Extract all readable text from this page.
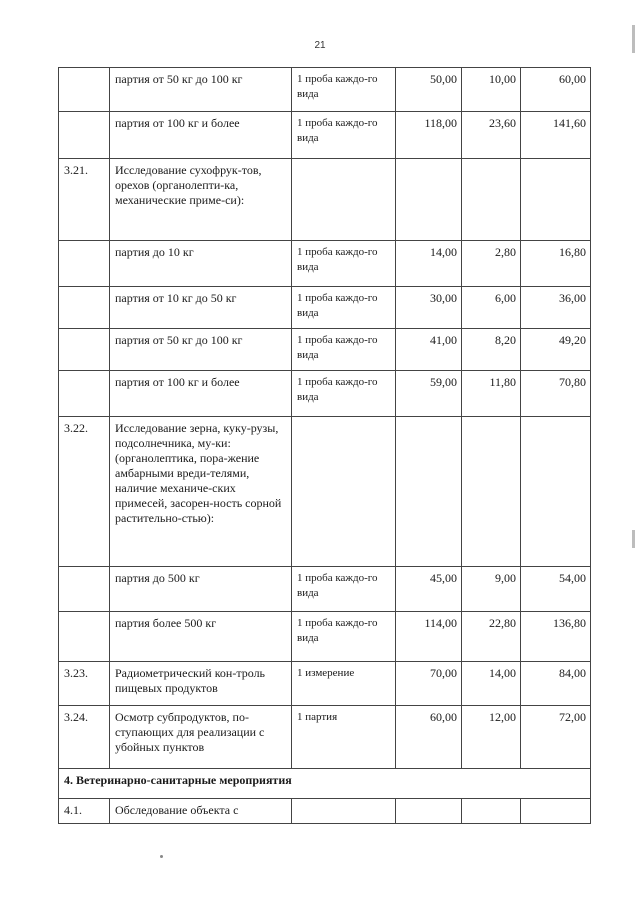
21
	партия от 50 кг до 100 кг	1 проба каждо-го вида	50,00	10,00	60,00
	партия от 100 кг и более	1 проба каждо-го вида	118,00	23,60	141,60
3.21.	Исследование сухофрук-тов, орехов (органолепти-ка, механические приме-си):				
	партия до 10 кг	1 проба каждо-го вида	14,00	2,80	16,80
	партия от 10 кг до 50 кг	1 проба каждо-го вида	30,00	6,00	36,00
	партия от 50 кг до 100 кг	1 проба каждо-го вида	41,00	8,20	49,20
	партия от 100 кг и более	1 проба каждо-го вида	59,00	11,80	70,80
3.22.	Исследование зерна, куку-рузы, подсолнечника, му-ки: (органолептика, пора-жение амбарными вреди-телями, наличие механиче-ских примесей, засорен-ность сорной растительно-стью):				
	партия до 500 кг	1 проба каждо-го вида	45,00	9,00	54,00
	партия более 500 кг	1 проба каждо-го вида	114,00	22,80	136,80
3.23.	Радиометрический кон-троль пищевых продуктов	1 измерение	70,00	14,00	84,00
3.24.	Осмотр субпродуктов, по-ступающих для реализации с убойных пунктов	1 партия	60,00	12,00	72,00
4. Ветеринарно-санитарные мероприятия					
4.1.	Обследование объекта с				
